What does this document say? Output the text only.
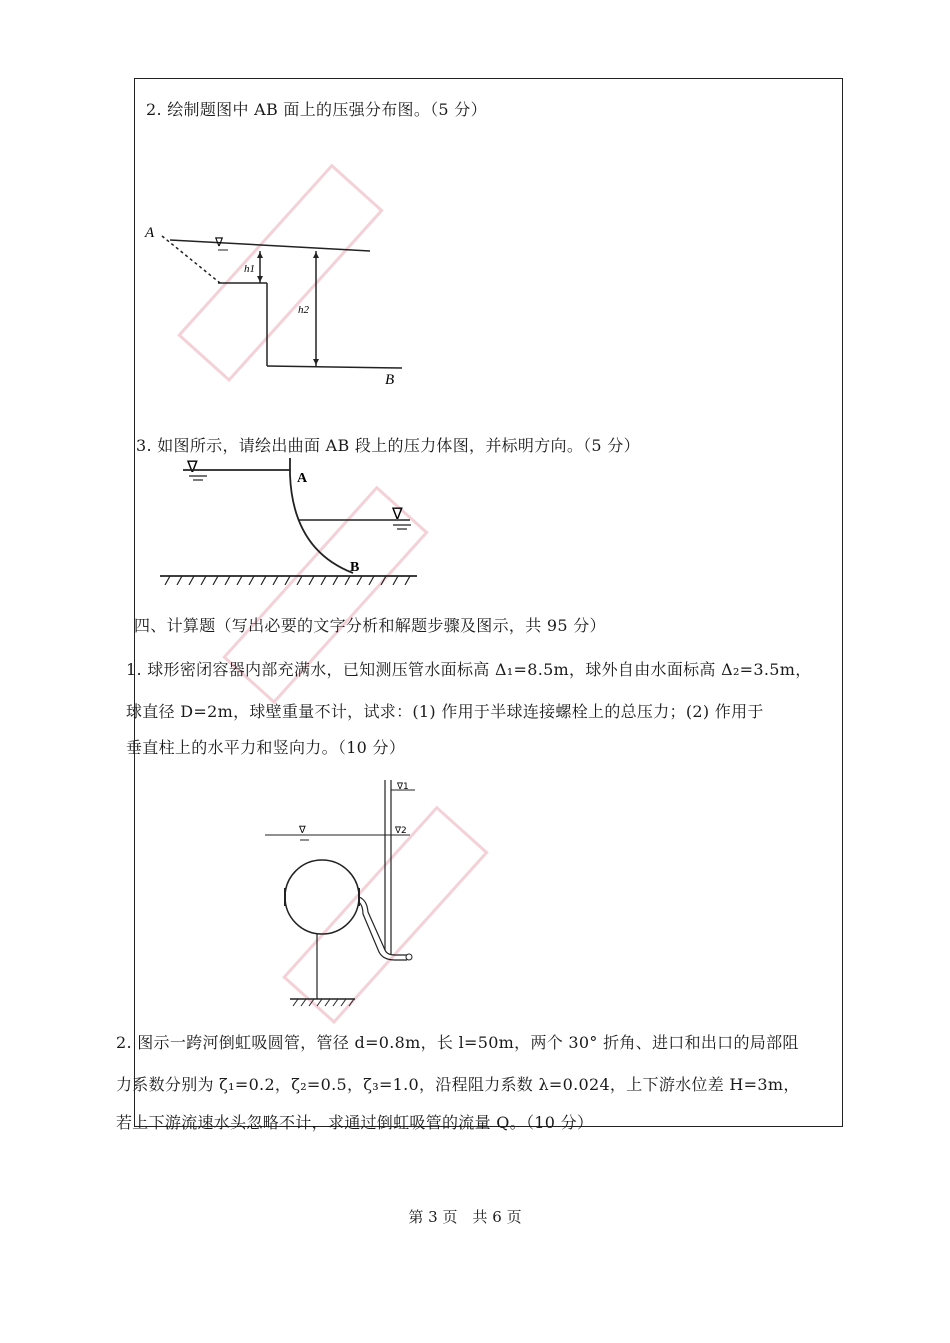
2. 绘制题图中 AB 面上的压强分布图。（5 分）
A
∇
h1
h2
B
3. 如图所示，请绘出曲面 AB 段上的压力体图，并标明方向。（5 分）
∇
A
∇
B
四、计算题（写出必要的文字分析和解题步骤及图示，共 95 分）
1. 球形密闭容器内部充满水，已知测压管水面标高 Δ₁=8.5m，球外自由水面标高 Δ₂=3.5m，
球直径 D=2m，球壁重量不计，试求：(1) 作用于半球连接螺栓上的总压力；(2) 作用于
垂直柱上的水平力和竖向力。（10 分）
∇1
∇	∇2
2. 图示一跨河倒虹吸圆管，管径 d=0.8m，长 l=50m，两个 30° 折角、进口和出口的局部阻
力系数分别为 ζ₁=0.2，ζ₂=0.5，ζ₃=1.0，沿程阻力系数 λ=0.024，上下游水位差 H=3m，
若上下游流速水头忽略不计，求通过倒虹吸管的流量 Q。（10 分）
第 3 页　共 6 页
